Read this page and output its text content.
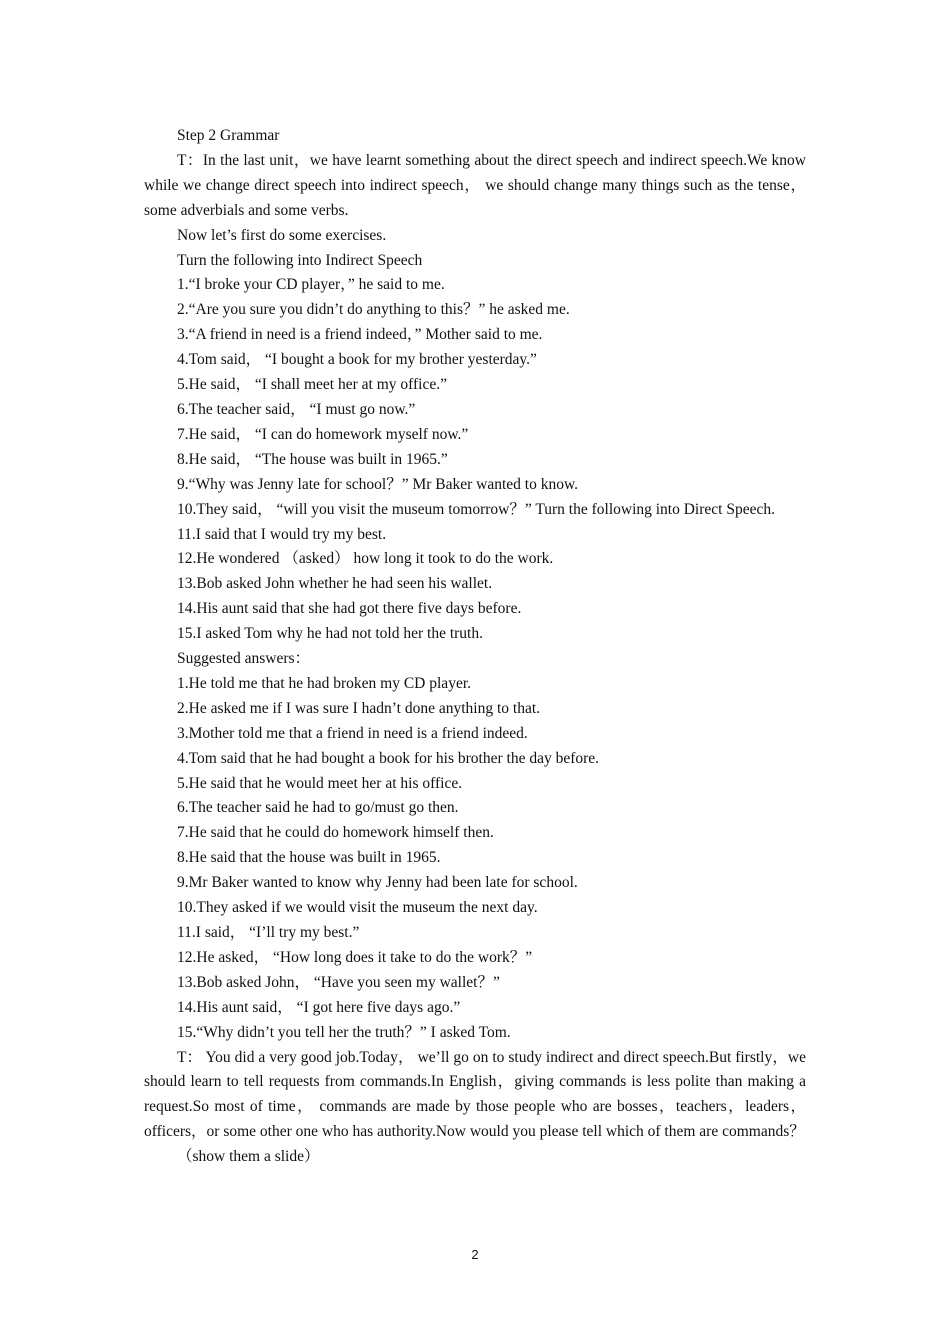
Step 2 Grammar

T：In the last unit，we have learnt something about the direct speech and indirect speech.We know while we change direct speech into indirect speech， we should change many things such as the tense，some adverbials and some verbs.

Now let’s first do some exercises.

Turn the following into Indirect Speech

1.“I broke your CD player，” he said to me.

2.“Are you sure you didn’t do anything to this？” he asked me.

3.“A friend in need is a friend indeed，” Mother said to me.

4.Tom said， “I bought a book for my brother yesterday.”

5.He said， “I shall meet her at my office.”

6.The teacher said， “I must go now.”

7.He said， “I can do homework myself now.”

8.He said， “The house was built in 1965.”

9.“Why was Jenny late for school？” Mr Baker wanted to know.

10.They said， “will you visit the museum tomorrow？” Turn the following into Direct Speech.

11.I said that I would try my best.

12.He wondered （asked） how long it took to do the work.

13.Bob asked John whether he had seen his wallet.

14.His aunt said that she had got there five days before.

15.I asked Tom why he had not told her the truth.

Suggested answers：

1.He told me that he had broken my CD player.

2.He asked me if I was sure I hadn’t done anything to that.

3.Mother told me that a friend in need is a friend indeed.

4.Tom said that he had bought a book for his brother the day before.

5.He said that he would meet her at his office.

6.The teacher said he had to go/must go then.

7.He said that he could do homework himself then.

8.He said that the house was built in 1965.

9.Mr Baker wanted to know why Jenny had been late for school.

10.They asked if we would visit the museum the next day.

11.I said， “I’ll try my best.”

12.He asked， “How long does it take to do the work？”

13.Bob asked John， “Have you seen my wallet？”

14.His aunt said， “I got here five days ago.”

15.“Why didn’t you tell her the truth？” I asked Tom.

T： You did a very good job.Today， we’ll go on to study indirect and direct speech.But firstly，we should learn to tell requests from commands.In English，giving commands is less polite than making a request.So most of time， commands are made by those people who are bosses，teachers，leaders，officers，or some other one who has authority.Now would you please tell which of them are commands？

（show them a slide）

2
